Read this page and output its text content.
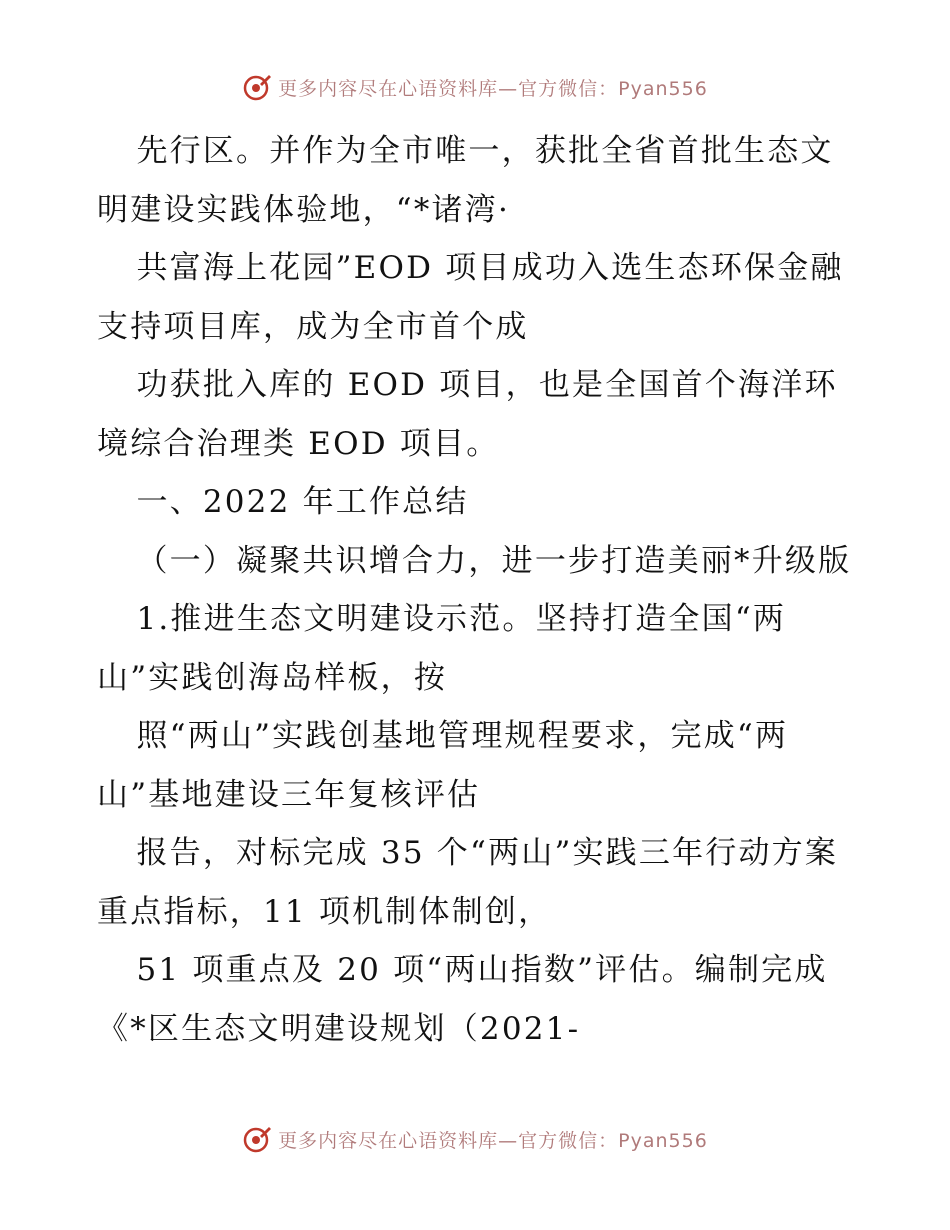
更多内容尽在心语资料库—官方微信：Pyan556

先行区。并作为全市唯一，获批全省首批生态文明建设实践体验地，“*诸湾·

共富海上花园”EOD 项目成功入选生态环保金融支持项目库，成为全市首个成

功获批入库的 EOD 项目，也是全国首个海洋环境综合治理类 EOD 项目。

一、2022 年工作总结

（一）凝聚共识增合力，进一步打造美丽*升级版

1.推进生态文明建设示范。坚持打造全国“两山”实践创海岛样板，按

照“两山”实践创基地管理规程要求，完成“两山”基地建设三年复核评估

报告，对标完成 35 个“两山”实践三年行动方案重点指标，11 项机制体制创，

51 项重点及 20 项“两山指数”评估。编制完成《*区生态文明建设规划（2021-

更多内容尽在心语资料库—官方微信：Pyan556
